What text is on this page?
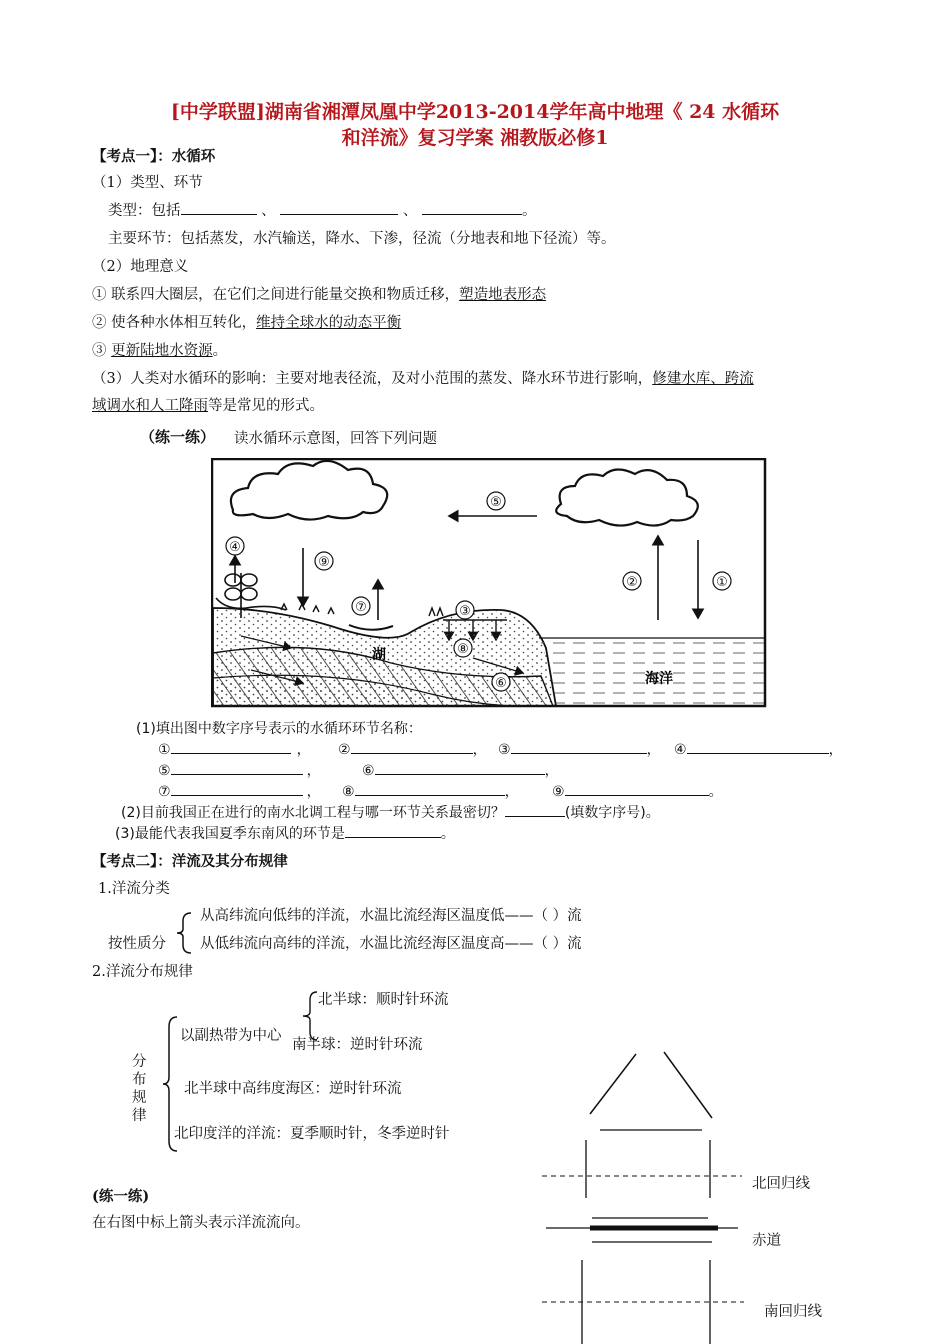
[中学联盟]湖南省湘潭凤凰中学2013-2014学年高中地理《 24 水循环
和洋流》复习学案 湘教版必修1
【考点一】：水循环
（1）类型、环节
类型：包括	、	、	。
主要环节：包括蒸发，水汽输送，降水、下渗，径流（分地表和地下径流）等。
（2）地理意义
① 联系四大圈层，在它们之间进行能量交换和物质迁移，塑造地表形态
② 使各种水体相互转化，维持全球水的动态平衡
③ 更新陆地水资源。
（3）人类对水循环的影响：主要对地表径流，及对小范围的蒸发、降水环节进行影响，修建水库、跨流
域调水和人工降雨等是常见的形式。
（练一练） 读水循环示意图，回答下列问题
⑤
④
⑨
②	①
⑦	③
⑧
⑥
湖
海洋
(1)填出图中数字序号表示的水循环环节名称：
①	， ②	， ③	， ④	，
⑤	，	⑥	，
⑦	， ⑧	， ⑨	。
(2)目前我国正在进行的南水北调工程与哪一环节关系最密切？	(填数字序号)。
(3)最能代表我国夏季东南风的环节是	。
【考点二】：洋流及其分布规律
1.洋流分类
按性质分
从高纬流向低纬的洋流，水温比流经海区温度低——（ ）流
从低纬流向高纬的洋流，水温比流经海区温度高——（ ）流
2.洋流分布规律
分
布
规
律
以副热带为中心
北半球：顺时针环流
南半球：逆时针环流
北半球中高纬度海区：逆时针环流
北印度洋的洋流：夏季顺时针，冬季逆时针
(练一练)
在右图中标上箭头表示洋流流向。
北回归线
赤道
南回归线
